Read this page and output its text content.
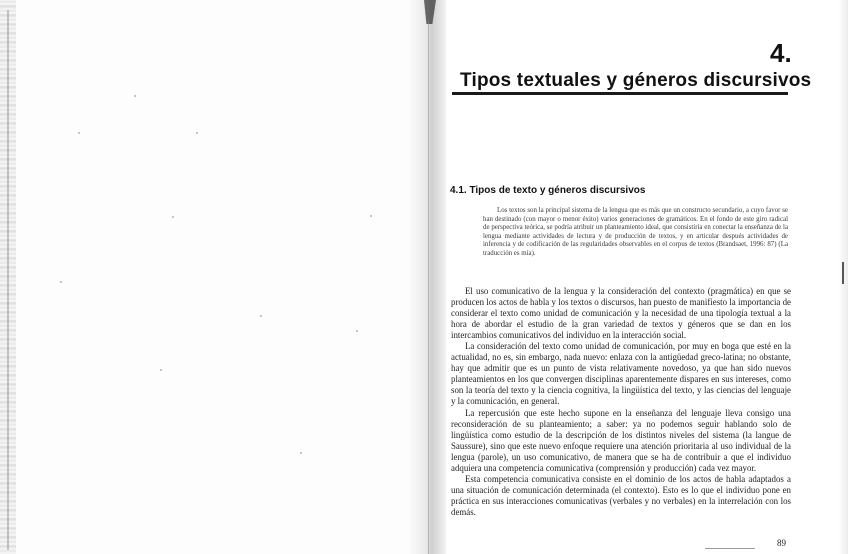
4.
Tipos textuales y géneros discursivos
4.1. Tipos de texto y géneros discursivos

Los textos son la principal sistema de la lengua que es más que un constructo secundario, a cuyo favor se han destinado (con mayor o menor éxito) varios generaciones de gramáticos. En el fondo de este giro radical de perspectiva teórica, se podría atribuir un planteamiento ideal, que consistiría en conectar la enseñanza de la lengua mediante actividades de lectura y de producción de textos, y en articular después actividades de inferencia y de codificación de las regularidades observables en el corpus de textos (Brandsaet, 1996: 87) (La traducción es mía).

El uso comunicativo de la lengua y la consideración del contexto (pragmática) en que se producen los actos de habla y los textos o discursos, han puesto de manifiesto la importancia de considerar el texto como unidad de comunicación y la necesidad de una tipología textual a la hora de abordar el estudio de la gran variedad de textos y géneros que se dan en los intercambios comunicativos del individuo en la interacción social.

La consideración del texto como unidad de comunicación, por muy en boga que esté en la actualidad, no es, sin embargo, nada nuevo: enlaza con la antigüedad greco-latina; no obstante, hay que admitir que es un punto de vista relativamente novedoso, ya que han sido nuevos planteamientos en los que convergen disciplinas aparentemente dispares en sus intereses, como son la teoría del texto y la ciencia cognitiva, la lingüística del texto, y las ciencias del lenguaje y la comunicación, en general.

La repercusión que este hecho supone en la enseñanza del lenguaje lleva consigo una reconsideración de su planteamiento; a saber: ya no podemos seguir hablando solo de lingüística como estudio de la descripción de los distintos niveles del sistema (la langue de Saussure), sino que este nuevo enfoque requiere una atención prioritaria al uso individual de la lengua (parole), un uso comunicativo, de manera que se ha de contribuir a que el individuo adquiera una competencia comunicativa (comprensión y producción) cada vez mayor.

Esta competencia comunicativa consiste en el dominio de los actos de habla adaptados a una situación de comunicación determinada (el contexto). Esto es lo que el individuo pone en práctica en sus interacciones comunicativas (verbales y no verbales) en la interrelación con los demás.

89
